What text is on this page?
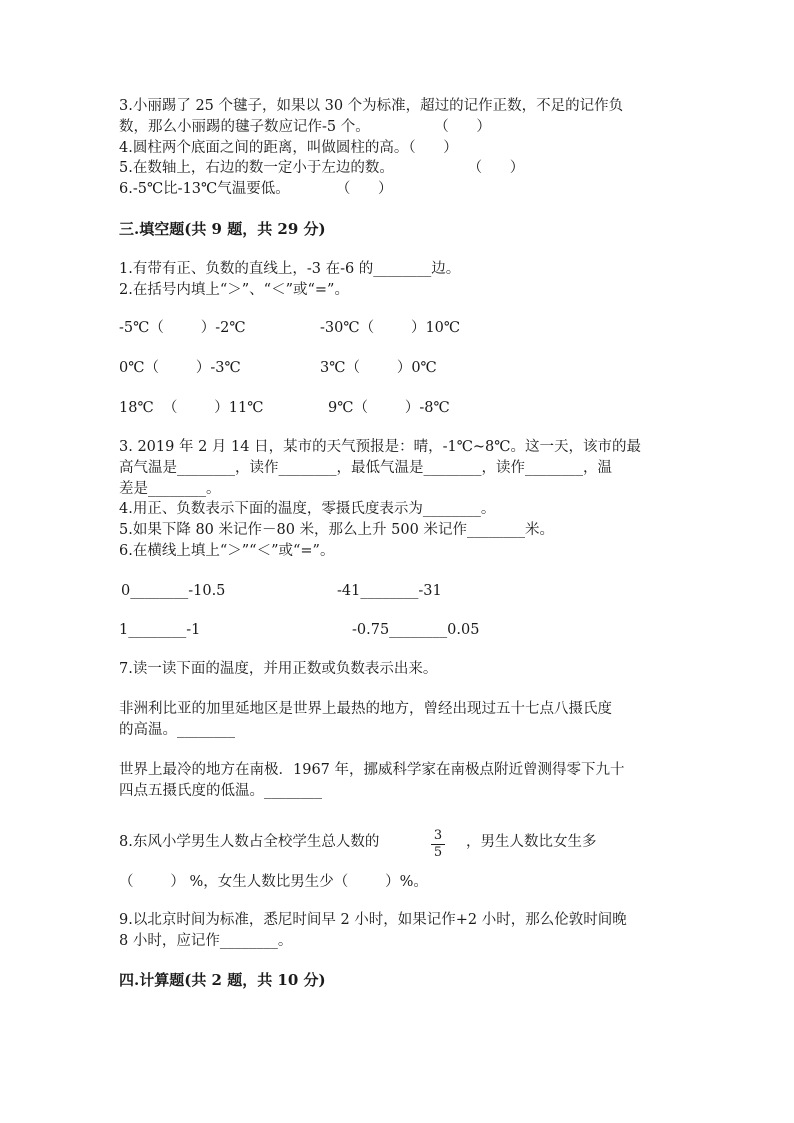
3.小丽踢了 25 个毽子，如果以 30 个为标准，超过的记作正数，不足的记作负
数，那么小丽踢的毽子数应记作-5 个。              （      ）
4.圆柱两个底面之间的距离，叫做圆柱的高。（      ）
5.在数轴上，右边的数一定小于左边的数。                （      ）
6.-5℃比-13℃气温要低。          （      ）
三.填空题(共 9 题，共 29 分)
1.有带有正、负数的直线上，-3 在-6 的________边。
2.在括号内填上“＞”、“＜”或“=”。
-5℃（        ）-2℃	-30℃（        ）10℃
0℃（        ）-3℃	3℃（        ）0℃
18℃  （        ）11℃	9℃（        ）-8℃
3. 2019 年 2 月 14 日，某市的天气预报是：晴，-1℃~8℃。这一天，该市的最
高气温是________，读作________，最低气温是________，读作________，温
差是________。
4.用正、负数表示下面的温度，零摄氏度表示为________。
5.如果下降 80 米记作－80 米，那么上升 500 米记作________米。
6.在横线上填上“＞”“＜”或“=”。
0________-10.5	-41________-31
1________-1	-0.75________0.05
7.读一读下面的温度，并用正数或负数表示出来。
非洲利比亚的加里延地区是世界上最热的地方，曾经出现过五十七点八摄氏度
的高温。________
世界上最冷的地方在南极．1967 年，挪威科学家在南极点附近曾测得零下九十
四点五摄氏度的低温。________
8.东风小学男生人数占全校学生总人数的	3
5
，男生人数比女生多
（        ） %，女生人数比男生少（        ）%。
9.以北京时间为标准，悉尼时间早 2 小时，如果记作+2 小时，那么伦敦时间晚
8 小时，应记作________。
四.计算题(共 2 题，共 10 分)
